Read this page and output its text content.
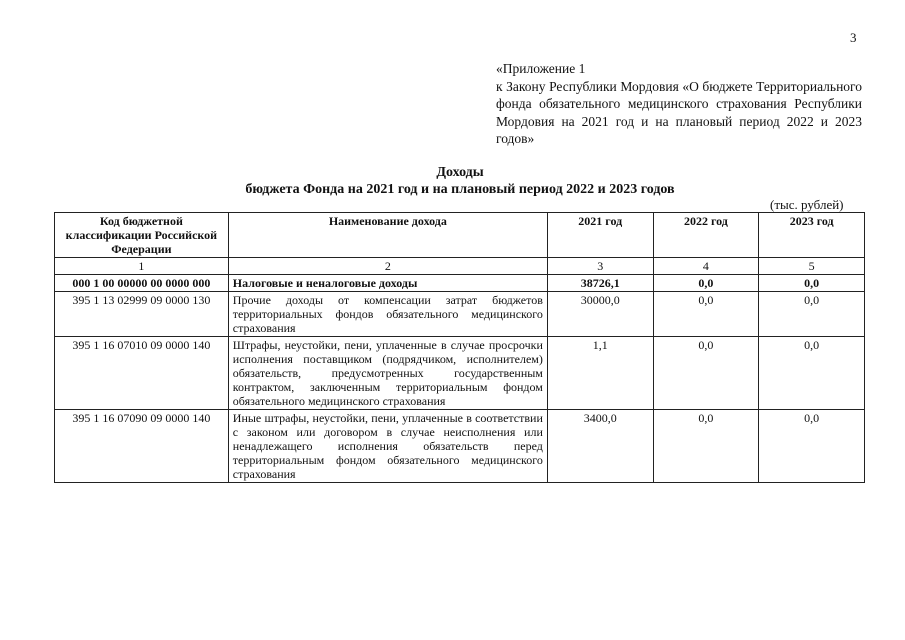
3
«Приложение 1
к Закону Республики Мордовия «О бюджете Территориального фонда обязательного медицинского страхования Республики Мордовия на 2021 год и на плановый период 2022 и 2023 годов»
Доходы
бюджета Фонда на 2021 год и на плановый период 2022 и 2023 годов
(тыс. рублей)
Код бюджетной классификации Российской Федерации	Наименование дохода	2021 год	2022 год	2023 год
1	2	3	4	5
000 1 00 00000 00 0000 000	Налоговые и неналоговые доходы	38726,1	0,0	0,0
395 1 13 02999 09 0000 130	Прочие доходы от компенсации затрат бюджетов территориальных фондов обязательного медицинского страхования	30000,0	0,0	0,0
395 1 16 07010 09 0000 140	Штрафы, неустойки, пени, уплаченные в случае просрочки исполнения поставщиком (подрядчиком, исполнителем) обязательств, предусмотренных государственным контрактом, заключенным территориальным фондом обязательного медицинского страхования	1,1	0,0	0,0
395 1 16 07090 09 0000 140	Иные штрафы, неустойки, пени, уплаченные в соответствии с законом или договором в случае неисполнения или ненадлежащего исполнения обязательств перед территориальным фондом обязательного медицинского страхования	3400,0	0,0	0,0
